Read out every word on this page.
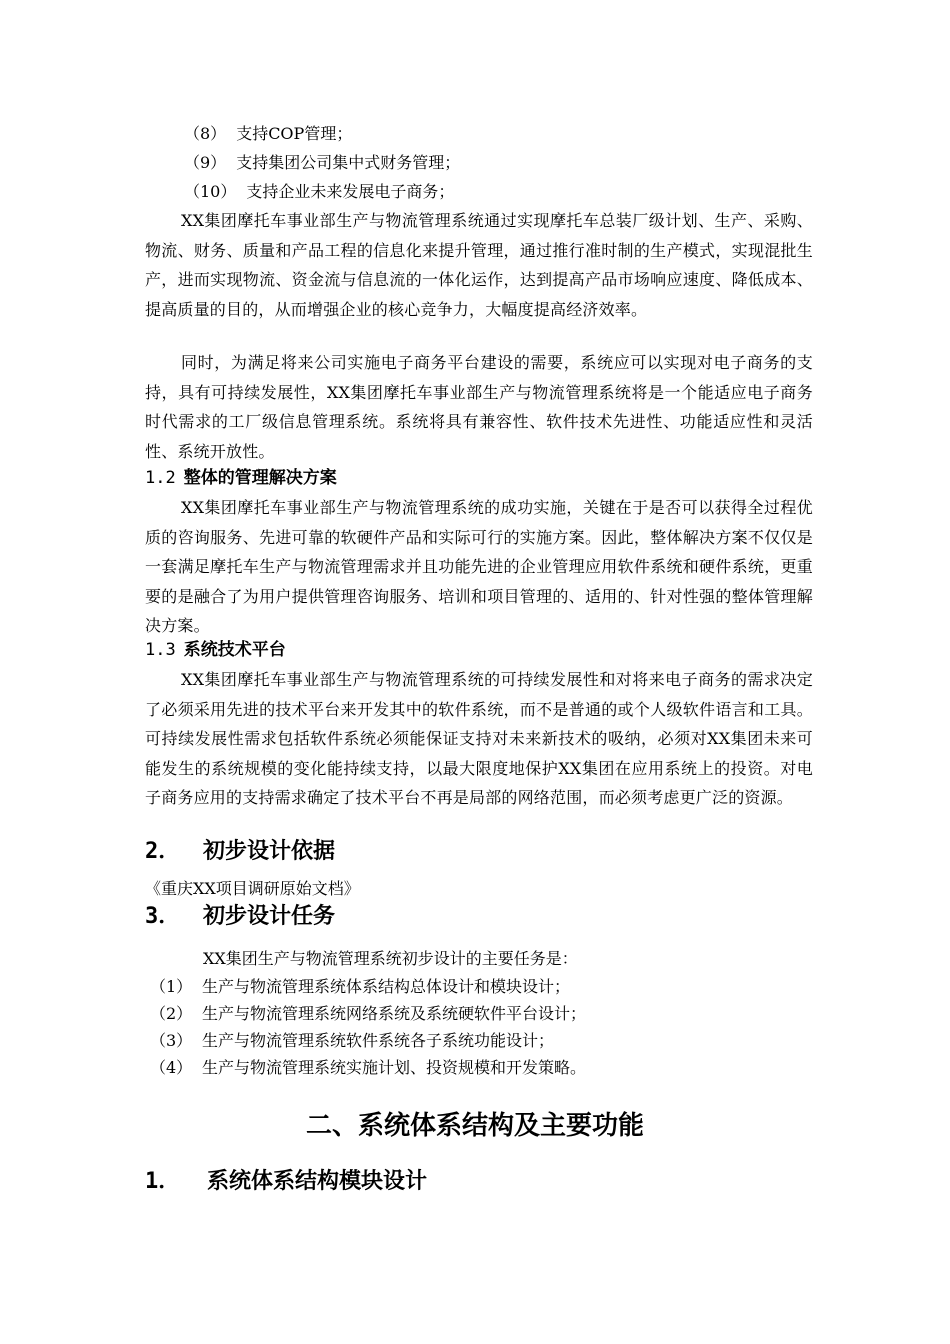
（8） 支持COP管理；
（9） 支持集团公司集中式财务管理；
（10） 支持企业未来发展电子商务；

XX集团摩托车事业部生产与物流管理系统通过实现摩托车总装厂级计划、生产、采购、物流、财务、质量和产品工程的信息化来提升管理，通过推行准时制的生产模式，实现混批生产，进而实现物流、资金流与信息流的一体化运作，达到提高产品市场响应速度、降低成本、提高质量的目的，从而增强企业的核心竞争力，大幅度提高经济效率。

同时，为满足将来公司实施电子商务平台建设的需要，系统应可以实现对电子商务的支持，具有可持续发展性，XX集团摩托车事业部生产与物流管理系统将是一个能适应电子商务时代需求的工厂级信息管理系统。系统将具有兼容性、软件技术先进性、功能适应性和灵活性、系统开放性。

1.2 整体的管理解决方案

XX集团摩托车事业部生产与物流管理系统的成功实施，关键在于是否可以获得全过程优质的咨询服务、先进可靠的软硬件产品和实际可行的实施方案。因此，整体解决方案不仅仅是一套满足摩托车生产与物流管理需求并且功能先进的企业管理应用软件系统和硬件系统，更重要的是融合了为用户提供管理咨询服务、培训和项目管理的、适用的、针对性强的整体管理解决方案。

1.3 系统技术平台

XX集团摩托车事业部生产与物流管理系统的可持续发展性和对将来电子商务的需求决定了必须采用先进的技术平台来开发其中的软件系统，而不是普通的或个人级软件语言和工具。可持续发展性需求包括软件系统必须能保证支持对未来新技术的吸纳，必须对XX集团未来可能发生的系统规模的变化能持续支持，以最大限度地保护XX集团在应用系统上的投资。对电子商务应用的支持需求确定了技术平台不再是局部的网络范围，而必须考虑更广泛的资源。

2． 初步设计依据

《重庆XX项目调研原始文档》

3． 初步设计任务

XX集团生产与物流管理系统初步设计的主要任务是：

（1） 生产与物流管理系统体系结构总体设计和模块设计；
（2） 生产与物流管理系统网络系统及系统硬软件平台设计；
（3） 生产与物流管理系统软件系统各子系统功能设计；
（4） 生产与物流管理系统实施计划、投资规模和开发策略。
二、系统体系结构及主要功能
1． 系统体系结构模块设计
